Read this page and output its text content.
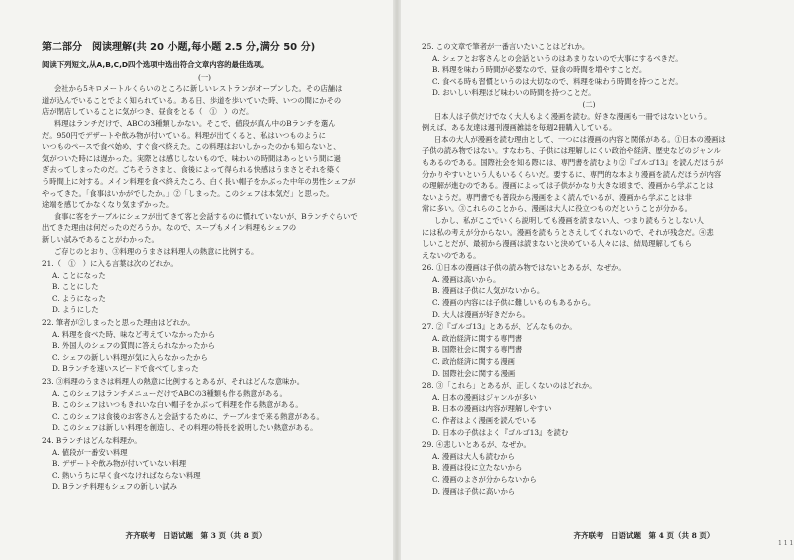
第二部分　阅读理解(共 20 小题,每小题 2.5 分,满分 50 分)
阅读下列短文,从A,B,C,D四个选项中选出符合文章内容的最佳选项。
(一)
会社から5キロメートルくらいのところに新しいレストランがオープンした。その店舗は
道が込んでいることでよく知られている。ある日、歩道を歩いていた時、いつの間にかその
店が閉店していることに気がつき、昼食をとる（　①　）のだ。
料理はランチだけで、ABCの3種類しかない。そこで、値段が真ん中のBランチを選ん
だ。950円でデザートや飲み物が付いている。料理が出てくると、私はいつものように
いつものペースで食べ始め、すぐ食べ終えた。この料理はおいしかったのかも知らないと、
気がついた時には遅かった。実際とは感じしないもので、味わいの時間はあっという間に過
ぎ去ってしまったのだ。ごちそうさまと、食後によって得られる快感はうまさとそれを築く
う時間上に対する。メイン料理を食べ終えたころ、白く長い帽子をかぶった中年の男性シェフが
やってきた。「食事はいかがでしたか。」②「しまった。このシェフは本気だ」と思った。
途端を感じてかなくなり気まずかった。
食事に客をテーブルにシェフが出てきて客と会話するのに慣れていないが、Bランチぐらいで
出てきた理由は何だったのだろうか。なので、スープもメイン料理もシェフの
新しい試みであることがわかった。
ご存じのとおり、③料理のうまさは料理人の熱意に比例する。
21.（　①　）に入る言葉は次のどれか。
A. ことになった
B. ことにした
C. ようになった
D. ようにした
22. 筆者が②しまったと思った理由はどれか。
A. 料理を食べた時、味など考えていなかったから
B. 外国人のシェフの質問に答えられなかったから
C. シェフの新しい料理が気に入らなかったから
D. Bランチを速いスピードで食べてしまった
23. ③料理のうまさは料理人の熱意に比例するとあるが、それはどんな意味か。
A. このシェフはランチメニューだけでABCの3種類も作る熱意がある。
B. このシェフはいつもきれいな白い帽子をかぶって料理を作る熱意がある。
C. このシェフは食後のお客さんと会話するために、テーブルまで来る熱意がある。
D. このシェフは新しい料理を創造し、その料理の特長を説明したい熱意がある。
24. Bランチはどんな料理か。
A. 値段が一番安い料理
B. デザートや飲み物が付いていない料理
C. 熱いうちに早く食べなければならない料理
D. Bランチ料理もシェフの新しい試み
齐齐联考　日语试题　第 3 页（共 8 页）
25. この文章で筆者が一番言いたいことはどれか。
A. シェフとお客さんとの会話というのはあまりないので大事にするべきだ。
B. 料理を味わう時間が必要なので、昼食の時間を増やすことだ。
C. 食べる時も習慣というのは大切なので、料理を味わう時間を持つことだ。
D. おいしい料理ほど味わいの時間を持つことだ。
(二)
日本人は子供だけでなく大人もよく漫画を読む。好きな漫画も一冊ではないという。
例えば、ある友達は週刊漫画雑誌を毎週2冊購入している。
日本の大人が漫画を読む理由として、一つには漫画の内容と関係がある。①日本の漫画は
子供の読み物ではない。すなわち、子供には理解しにくい政治や経済、歴史などのジャンル
もあるのである。国際社会を知る際には、専門書を読むより②『ゴルゴ13』を読んだほうが
分かりやすいという人もいるくらいだ。要するに、専門的な本より漫画を読んだほうが内容
の理解が進むのである。漫画によっては子供がかなり大きな頃まで、漫画から学ぶことは
ないようだ。専門書でも普段から漫画をよく読んでいるが、漫画から学ぶことは非
常に多い。③これらのことから、漫画は大人に役立つものだということが分かる。
しかし、私がここでいくら説明しても漫画を読まない人、つまり読もうとしない人
には私の考えが分からない。漫画を読もうとさえしてくれないので、それが残念だ。④悲
しいことだが、最初から漫画は読まないと決めている人々には、結局理解してもら
えないのである。
26. ①日本の漫画は子供の読み物ではないとあるが、なぜか。
A. 漫画は高いから。
B. 漫画は子供に人気がないから。
C. 漫画の内容には子供に難しいものもあるから。
D. 大人は漫画が好きだから。
27. ②『ゴルゴ13』とあるが、どんなものか。
A. 政治経済に関する専門書
B. 国際社会に関する専門書
C. 政治経済に関する漫画
D. 国際社会に関する漫画
28. ③「これら」とあるが、正しくないのはどれか。
A. 日本の漫画はジャンルが多い
B. 日本の漫画は内容が理解しやすい
C. 作者はよく漫画を読んでいる
D. 日本の子供はよく『ゴルゴ13』を読む
29. ④悲しいとあるが、なぜか。
A. 漫画は大人も読むから
B. 漫画は役に立たないから
C. 漫画のよさが分からないから
D. 漫画は子供に高いから
齐齐联考　日语试题　第 4 页（共 8 页）
1 1 1
